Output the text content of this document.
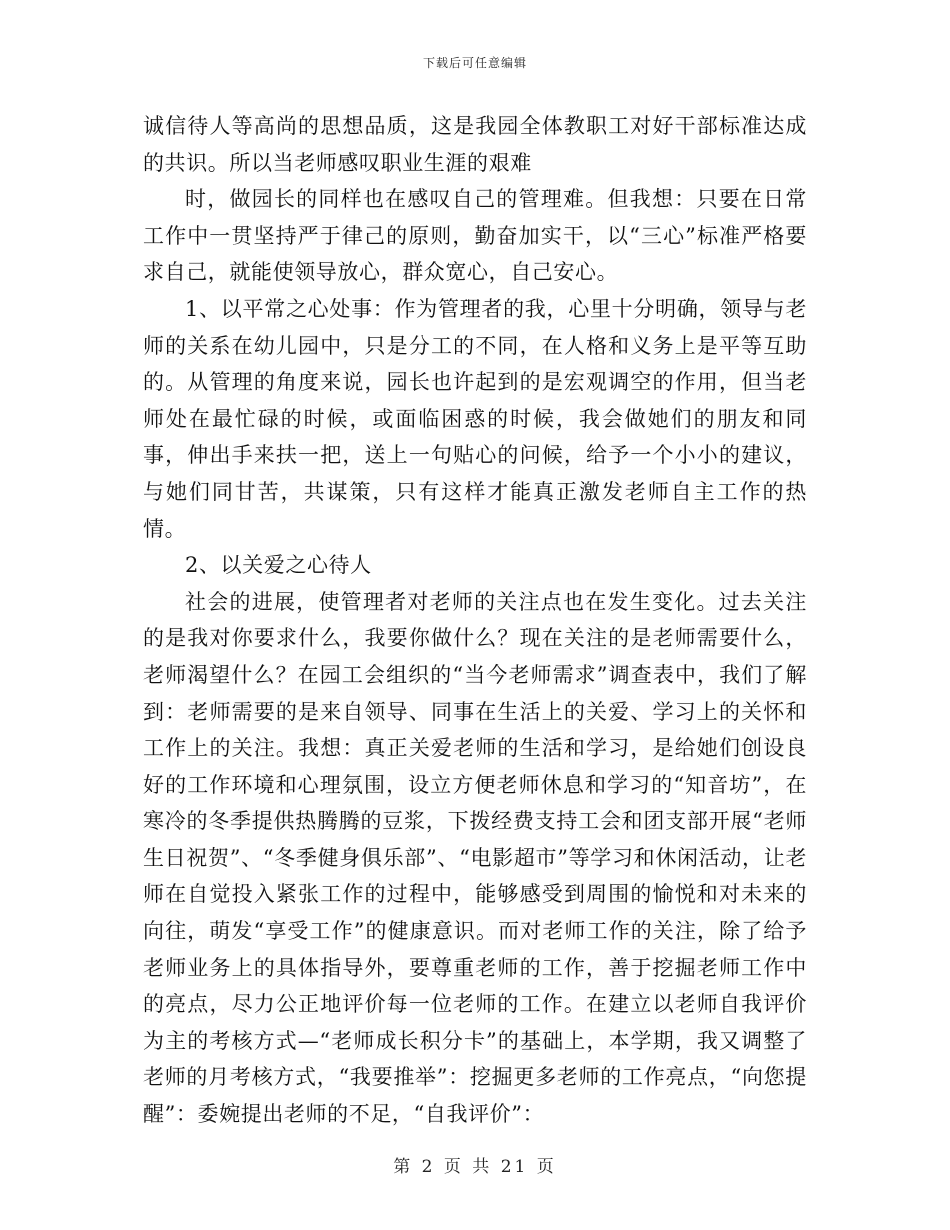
下载后可任意编辑

诚信待人等高尚的思想品质，这是我园全体教职工对好干部标准达成的共识。所以当老师感叹职业生涯的艰难

时，做园长的同样也在感叹自己的管理难。但我想：只要在日常工作中一贯坚持严于律己的原则，勤奋加实干，以“三心”标准严格要求自己，就能使领导放心，群众宽心，自己安心。

1、以平常之心处事：作为管理者的我，心里十分明确，领导与老师的关系在幼儿园中，只是分工的不同，在人格和义务上是平等互助的。从管理的角度来说，园长也许起到的是宏观调空的作用，但当老师处在最忙碌的时候，或面临困惑的时候，我会做她们的朋友和同事，伸出手来扶一把，送上一句贴心的问候，给予一个小小的建议，与她们同甘苦，共谋策，只有这样才能真正激发老师自主工作的热情。

2、以关爱之心待人

社会的进展，使管理者对老师的关注点也在发生变化。过去关注的是我对你要求什么，我要你做什么？现在关注的是老师需要什么，老师渴望什么？在园工会组织的“当今老师需求”调查表中，我们了解到：老师需要的是来自领导、同事在生活上的关爱、学习上的关怀和工作上的关注。我想：真正关爱老师的生活和学习，是给她们创设良好的工作环境和心理氛围，设立方便老师休息和学习的“知音坊”，在寒冷的冬季提供热腾腾的豆浆，下拨经费支持工会和团支部开展“老师生日祝贺”、“冬季健身俱乐部”、“电影超市”等学习和休闲活动，让老师在自觉投入紧张工作的过程中，能够感受到周围的愉悦和对未来的向往，萌发“享受工作”的健康意识。而对老师工作的关注，除了给予老师业务上的具体指导外，要尊重老师的工作，善于挖掘老师工作中的亮点，尽力公正地评价每一位老师的工作。在建立以老师自我评价为主的考核方式—“老师成长积分卡”的基础上，本学期，我又调整了老师的月考核方式，“我要推举”：挖掘更多老师的工作亮点，“向您提醒”：委婉提出老师的不足，“自我评价”：

第 2 页 共 21 页
